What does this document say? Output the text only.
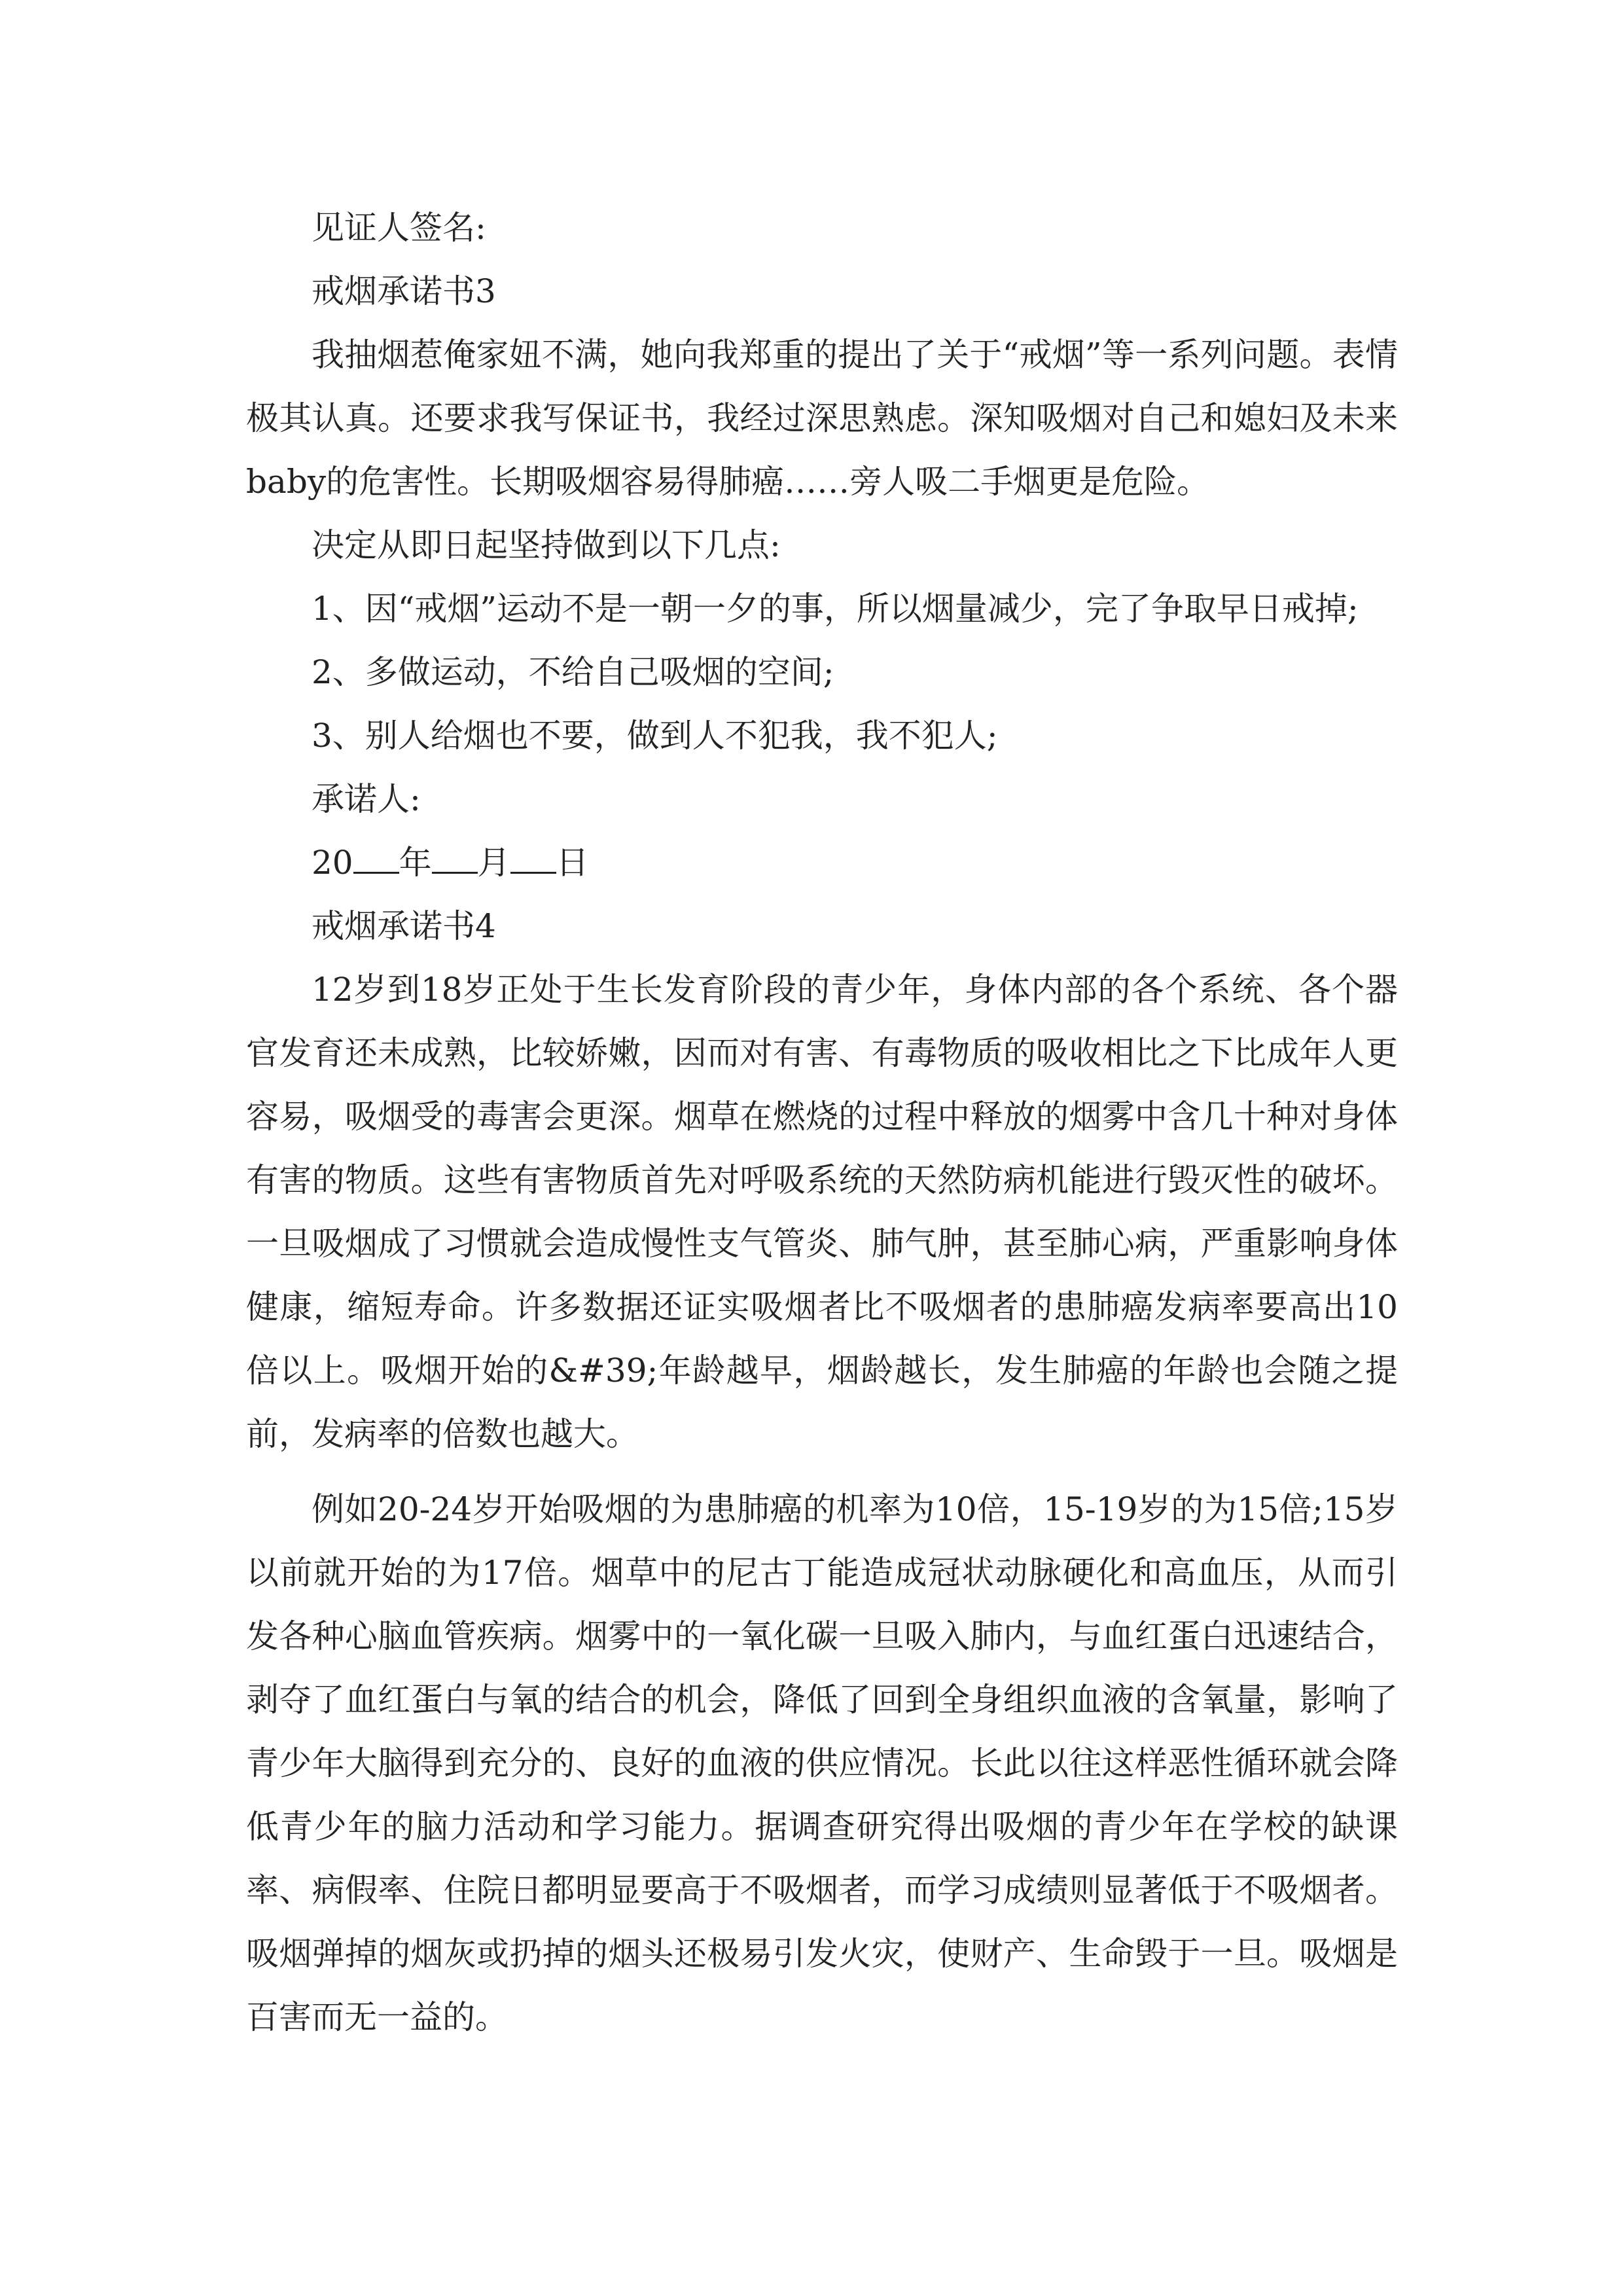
见证人签名:

戒烟承诺书3

我抽烟惹俺家妞不满，她向我郑重的提出了关于“戒烟”等一系列问题。表情极其认真。还要求我写保证书，我经过深思熟虑。深知吸烟对自己和媳妇及未来baby的危害性。长期吸烟容易得肺癌……旁人吸二手烟更是危险。

决定从即日起坚持做到以下几点:

1、因“戒烟”运动不是一朝一夕的事，所以烟量减少，完了争取早日戒掉;

2、多做运动，不给自己吸烟的空间;

3、别人给烟也不要，做到人不犯我，我不犯人;

承诺人:

20 年 月 日

戒烟承诺书4

12岁到18岁正处于生长发育阶段的青少年，身体内部的各个系统、各个器官发育还未成熟，比较娇嫩，因而对有害、有毒物质的吸收相比之下比成年人更容易，吸烟受的毒害会更深。烟草在燃烧的过程中释放的烟雾中含几十种对身体有害的物质。这些有害物质首先对呼吸系统的天然防病机能进行毁灭性的破坏。一旦吸烟成了习惯就会造成慢性支气管炎、肺气肿，甚至肺心病，严重影响身体健康，缩短寿命。许多数据还证实吸烟者比不吸烟者的患肺癌发病率要高出10倍以上。吸烟开始的&#39;年龄越早，烟龄越长，发生肺癌的年龄也会随之提前，发病率的倍数也越大。

例如20-24岁开始吸烟的为患肺癌的机率为10倍，15-19岁的为15倍;15岁以前就开始的为17倍。烟草中的尼古丁能造成冠状动脉硬化和高血压，从而引发各种心脑血管疾病。烟雾中的一氧化碳一旦吸入肺内，与血红蛋白迅速结合，剥夺了血红蛋白与氧的结合的机会，降低了回到全身组织血液的含氧量，影响了青少年大脑得到充分的、良好的血液的供应情况。长此以往这样恶性循环就会降低青少年的脑力活动和学习能力。据调查研究得出吸烟的青少年在学校的缺课率、病假率、住院日都明显要高于不吸烟者，而学习成绩则显著低于不吸烟者。吸烟弹掉的烟灰或扔掉的烟头还极易引发火灾，使财产、生命毁于一旦。吸烟是百害而无一益的。
